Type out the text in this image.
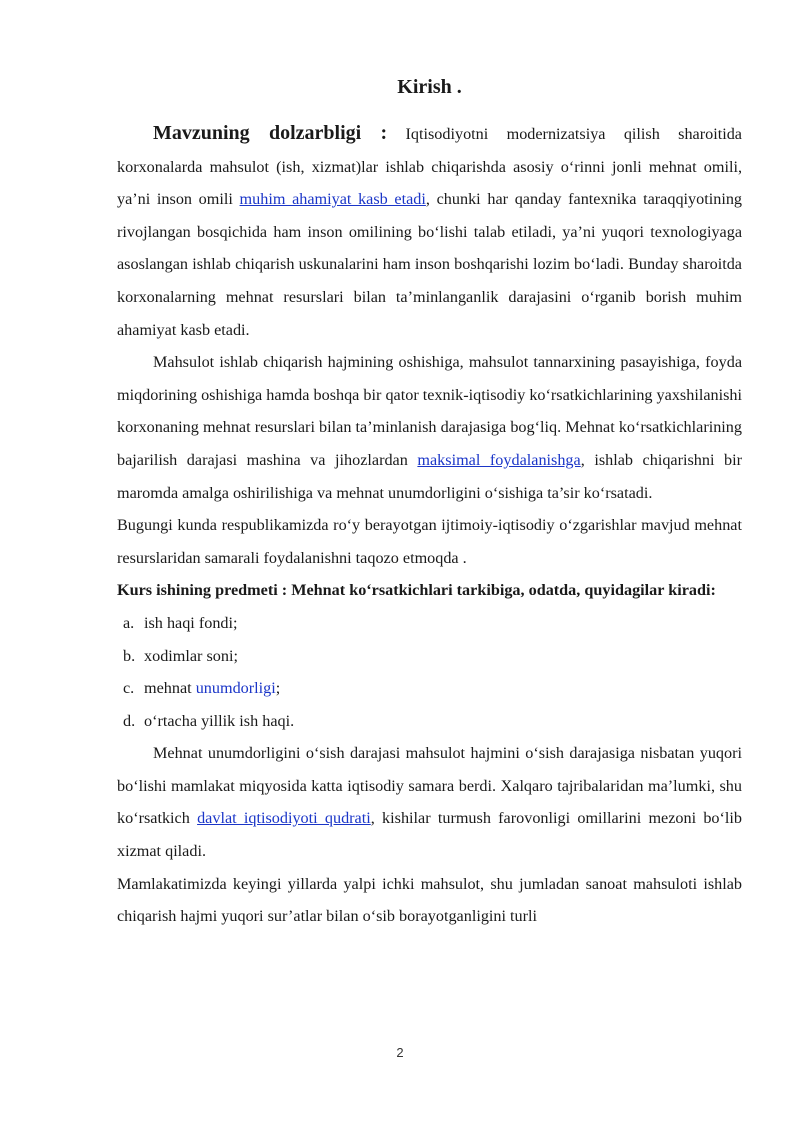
Kirish .

Mavzuning dolzarbligi : Iqtisodiyotni modernizatsiya qilish sharoitida korxonalarda mahsulot (ish, xizmat)lar ishlab chiqarishda asosiy o‘rinni jonli mehnat omili, ya’ni inson omili muhim ahamiyat kasb etadi, chunki har qanday fantexnika taraqqiyotining rivojlangan bosqichida ham inson omilining bo‘lishi talab etiladi, ya’ni yuqori texnologiyaga asoslangan ishlab chiqarish uskunalarini ham inson boshqarishi lozim bo‘ladi. Bunday sharoitda korxonalarning mehnat resurslari bilan ta’minlanganlik darajasini o‘rganib borish muhim ahamiyat kasb etadi.

Mahsulot ishlab chiqarish hajmining oshishiga, mahsulot tannarxining pasayishiga, foyda miqdorining oshishiga hamda boshqa bir qator texnik-iqtisodiy ko‘rsatkichlarining yaxshilanishi korxonaning mehnat resurslari bilan ta’minlanish darajasiga bog‘liq. Mehnat ko‘rsatkichlarining bajarilish darajasi mashina va jihozlardan maksimal foydalanishga, ishlab chiqarishni bir maromda amalga oshirilishiga va mehnat unumdorligini o‘sishiga ta’sir ko‘rsatadi.

Bugungi kunda respublikamizda ro‘y berayotgan ijtimoiy-iqtisodiy o‘zgarishlar mavjud mehnat resurslaridan samarali foydalanishni taqozo etmoqda .

Kurs ishining predmeti : Mehnat ko‘rsatkichlari tarkibiga, odatda, quyidagilar kiradi:

a. ish haqi fondi;
b. xodimlar soni;
c. mehnat unumdorligi;
d. o‘rtacha yillik ish haqi.

Mehnat unumdorligini o‘sish darajasi mahsulot hajmini o‘sish darajasiga nisbatan yuqori bo‘lishi mamlakat miqyosida katta iqtisodiy samara berdi. Xalqaro tajribalaridan ma’lumki, shu ko‘rsatkich davlat iqtisodiyoti qudrati, kishilar turmush farovonligi omillarini mezoni bo‘lib xizmat qiladi.

Mamlakatimizda keyingi yillarda yalpi ichki mahsulot, shu jumladan sanoat mahsuloti ishlab chiqarish hajmi yuqori sur’atlar bilan o‘sib borayotganligini turli

2
